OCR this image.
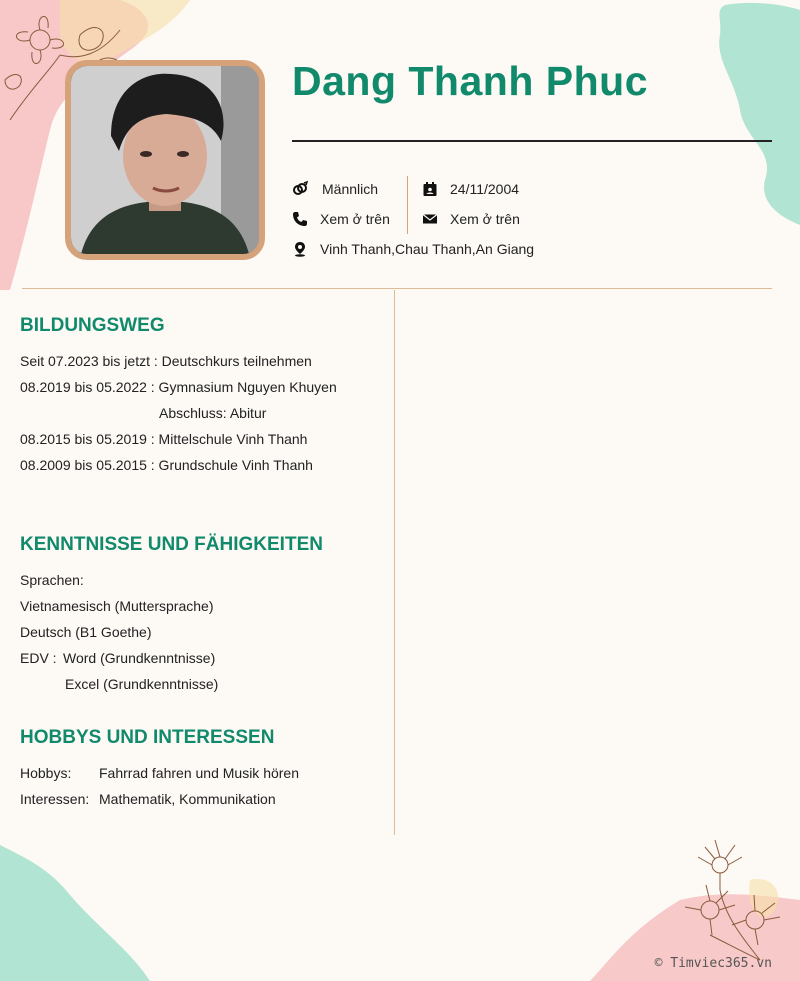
Dang Thanh Phuc
Männlich
Xem ở trên
Vinh Thanh,Chau Thanh,An Giang
24/11/2004
Xem ở trên
BILDUNGSWEG
Seit 07.2023 bis jetzt : Deutschkurs teilnehmen
08.2019 bis 05.2022 : Gymnasium Nguyen Khuyen
Abschluss: Abitur
08.2015 bis 05.2019 : Mittelschule Vinh Thanh
08.2009 bis 05.2015 : Grundschule Vinh Thanh
KENNTNISSE UND FÄHIGKEITEN
Sprachen:
Vietnamesisch (Muttersprache)
Deutsch (B1 Goethe)
EDV : Word (Grundkenntnisse)
Excel (Grundkenntnisse)
HOBBYS UND INTERESSEN
Hobbys: Fahrrad fahren und Musik hören
Interessen: Mathematik, Kommunikation
© Timviec365.vn
